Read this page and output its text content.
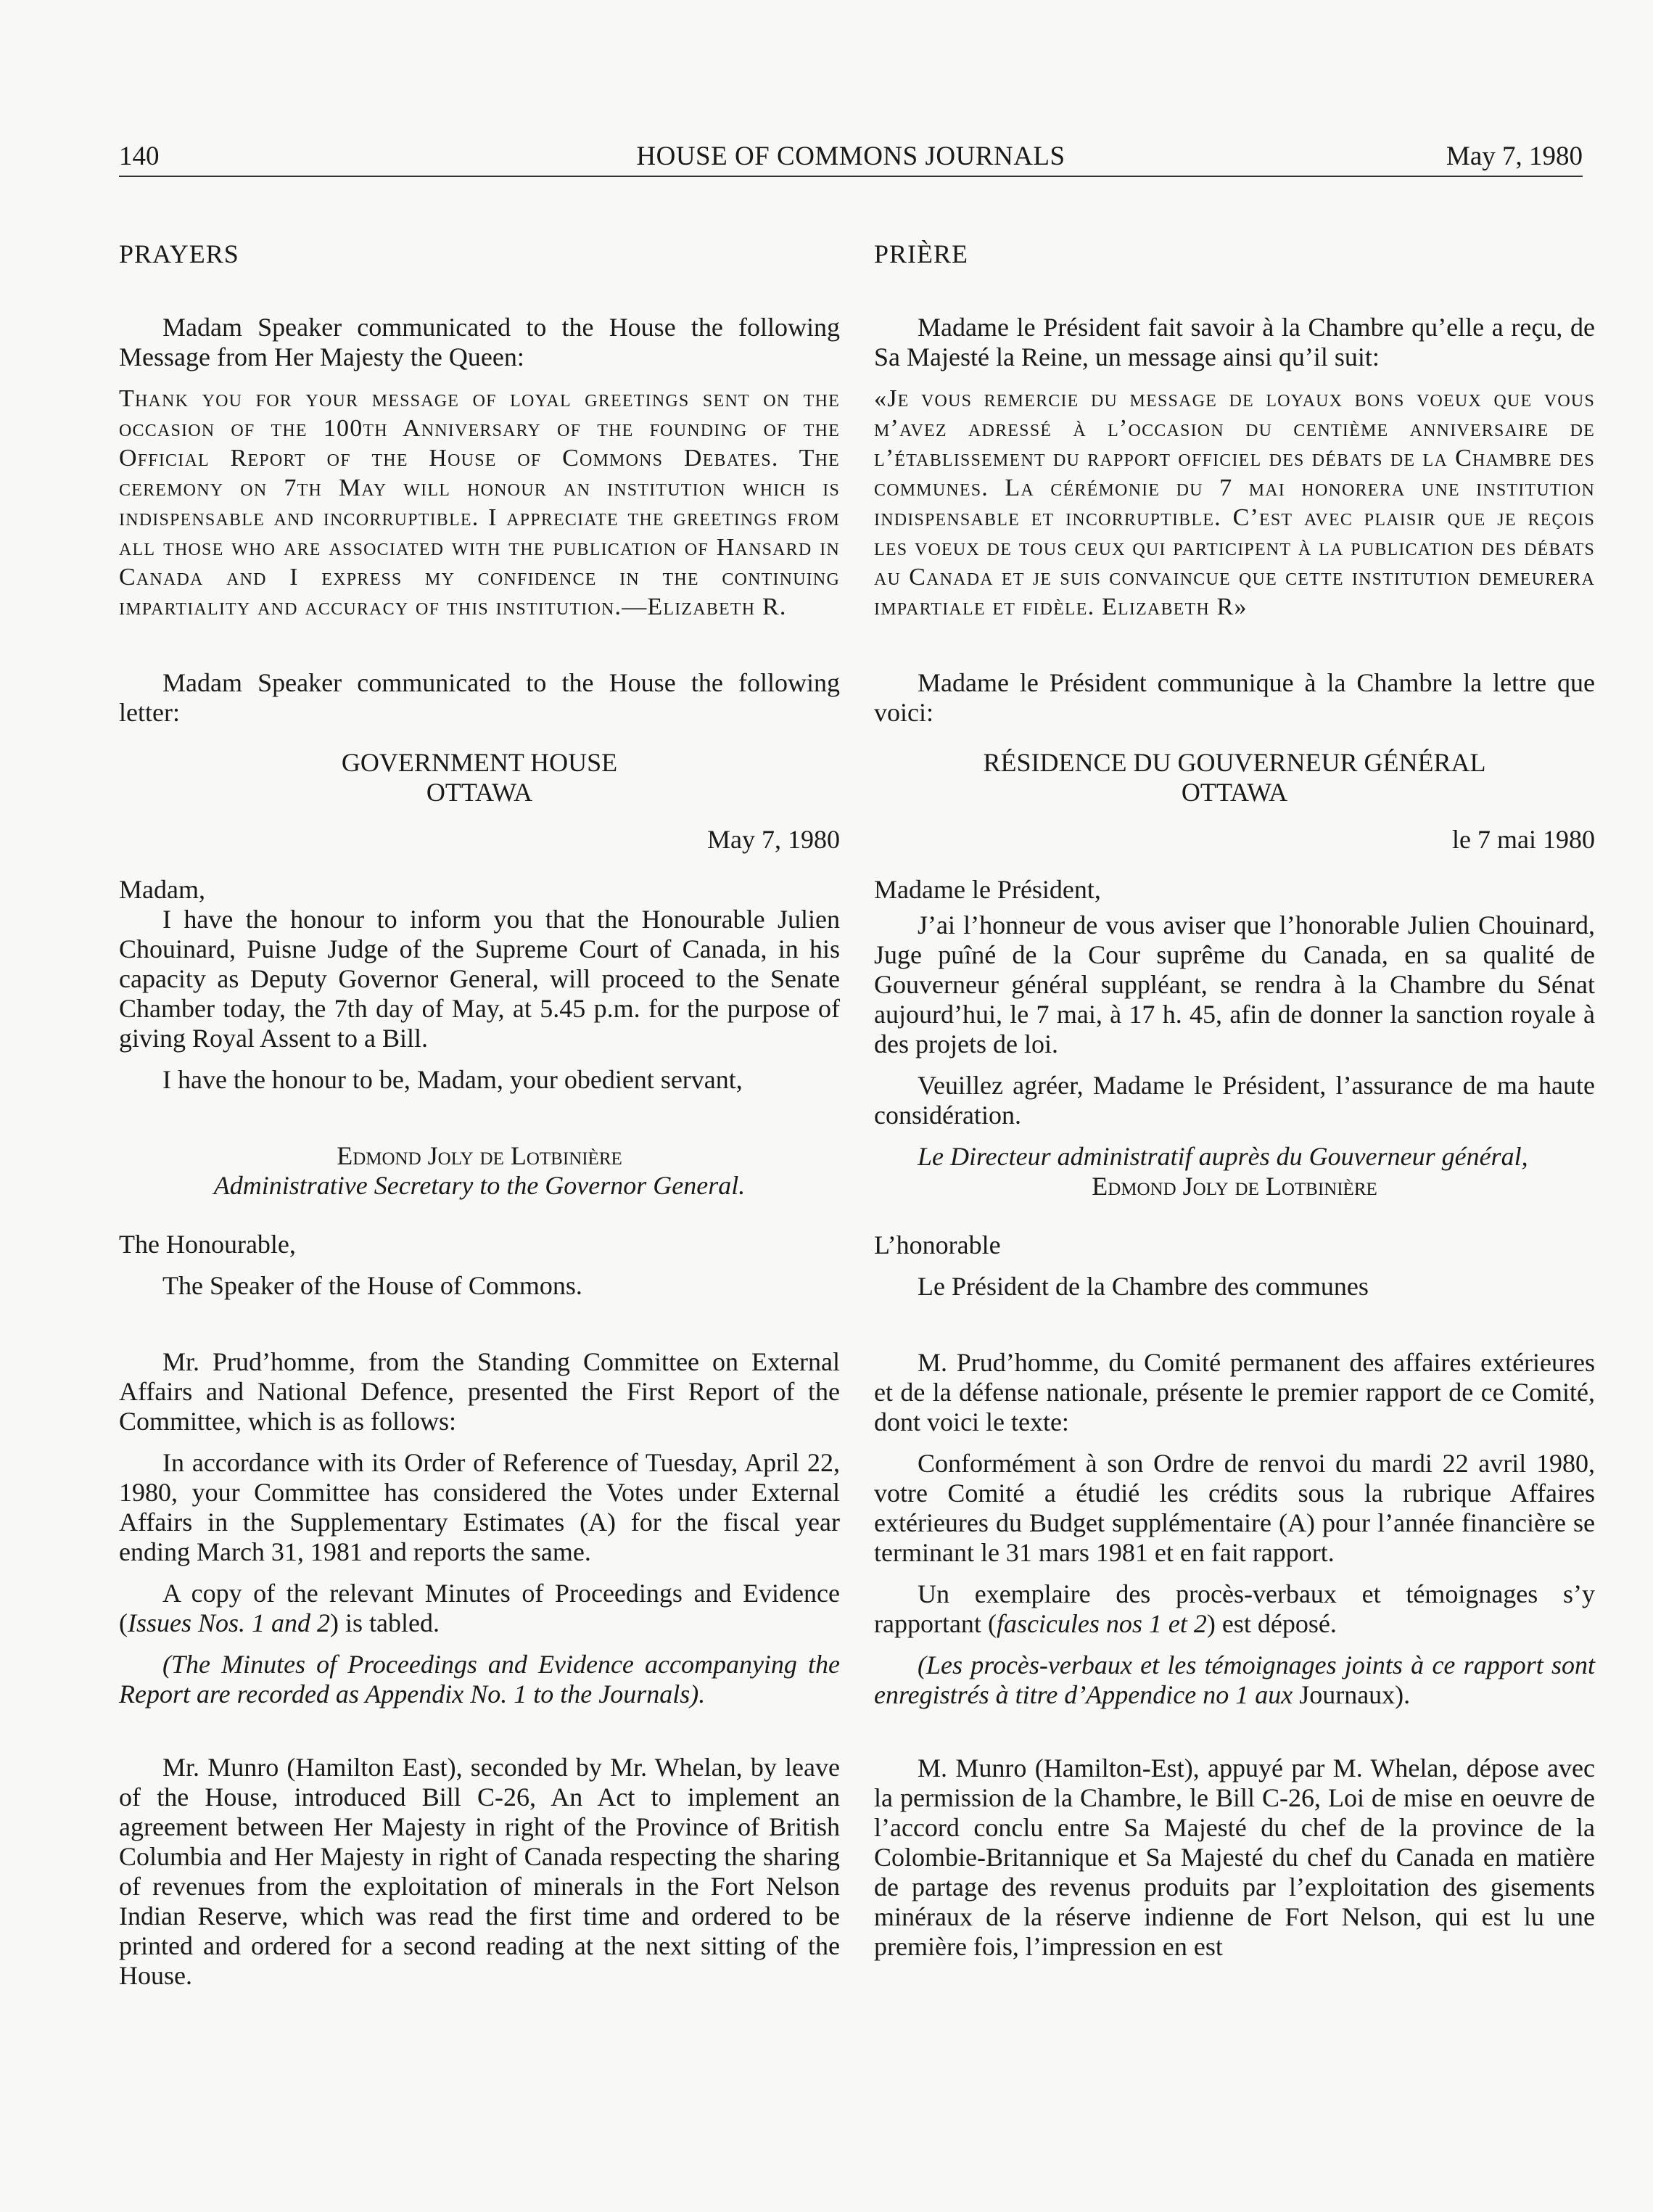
140	HOUSE OF COMMONS JOURNALS	May 7, 1980

PRAYERS

Madam Speaker communicated to the House the following Message from Her Majesty the Queen:

Thank you for your message of loyal greetings sent on the occasion of the 100th Anniversary of the founding of the Official Report of the House of Commons Debates. The ceremony on 7th May will honour an institution which is indispensable and incorruptible. I appreciate the greetings from all those who are associated with the publication of Hansard in Canada and I express my confidence in the continuing impartiality and accuracy of this institution.—Elizabeth R.

Madam Speaker communicated to the House the following letter:

GOVERNMENT HOUSE

OTTAWA

May 7, 1980

Madam,

I have the honour to inform you that the Honourable Julien Chouinard, Puisne Judge of the Supreme Court of Canada, in his capacity as Deputy Governor General, will proceed to the Senate Chamber today, the 7th day of May, at 5.45 p.m. for the purpose of giving Royal Assent to a Bill.

I have the honour to be, Madam, your obedient servant,

Edmond Joly de Lotbinière

Administrative Secretary to the Governor General.

The Honourable,

The Speaker of the House of Commons.

Mr. Prud’homme, from the Standing Committee on External Affairs and National Defence, presented the First Report of the Committee, which is as follows:

In accordance with its Order of Reference of Tuesday, April 22, 1980, your Committee has considered the Votes under External Affairs in the Supplementary Estimates (A) for the fiscal year ending March 31, 1981 and reports the same.

A copy of the relevant Minutes of Proceedings and Evidence (Issues Nos. 1 and 2) is tabled.

(The Minutes of Proceedings and Evidence accompanying the Report are recorded as Appendix No. 1 to the Journals).

Mr. Munro (Hamilton East), seconded by Mr. Whelan, by leave of the House, introduced Bill C-26, An Act to implement an agreement between Her Majesty in right of the Province of British Columbia and Her Majesty in right of Canada respecting the sharing of revenues from the exploitation of minerals in the Fort Nelson Indian Reserve, which was read the first time and ordered to be printed and ordered for a second reading at the next sitting of the House.

PRIÈRE

Madame le Président fait savoir à la Chambre qu’elle a reçu, de Sa Majesté la Reine, un message ainsi qu’il suit:

«Je vous remercie du message de loyaux bons voeux que vous m’avez adressé à l’occasion du centième anniversaire de l’établissement du rapport officiel des débats de la Chambre des communes. La cérémonie du 7 mai honorera une institution indispensable et incorruptible. C’est avec plaisir que je reçois les voeux de tous ceux qui participent à la publication des débats au Canada et je suis convaincue que cette institution demeurera impartiale et fidèle. Elizabeth R»

Madame le Président communique à la Chambre la lettre que voici:

RÉSIDENCE DU GOUVERNEUR GÉNÉRAL

OTTAWA

le 7 mai 1980

Madame le Président,

J’ai l’honneur de vous aviser que l’honorable Julien Chouinard, Juge puîné de la Cour suprême du Canada, en sa qualité de Gouverneur général suppléant, se rendra à la Chambre du Sénat aujourd’hui, le 7 mai, à 17 h. 45, afin de donner la sanction royale à des projets de loi.

Veuillez agréer, Madame le Président, l’assurance de ma haute considération.

Le Directeur administratif auprès du Gouverneur général,

Edmond Joly de Lotbinière

L’honorable

Le Président de la Chambre des communes

M. Prud’homme, du Comité permanent des affaires extérieures et de la défense nationale, présente le premier rapport de ce Comité, dont voici le texte:

Conformément à son Ordre de renvoi du mardi 22 avril 1980, votre Comité a étudié les crédits sous la rubrique Affaires extérieures du Budget supplémentaire (A) pour l’année financière se terminant le 31 mars 1981 et en fait rapport.

Un exemplaire des procès-verbaux et témoignages s’y rapportant (fascicules nos 1 et 2) est déposé.

(Les procès-verbaux et les témoignages joints à ce rapport sont enregistrés à titre d’Appendice no 1 aux Journaux).

M. Munro (Hamilton-Est), appuyé par M. Whelan, dépose avec la permission de la Chambre, le Bill C-26, Loi de mise en oeuvre de l’accord conclu entre Sa Majesté du chef de la province de la Colombie-Britannique et Sa Majesté du chef du Canada en matière de partage des revenus produits par l’exploitation des gisements minéraux de la réserve indienne de Fort Nelson, qui est lu une première fois, l’impression en est
